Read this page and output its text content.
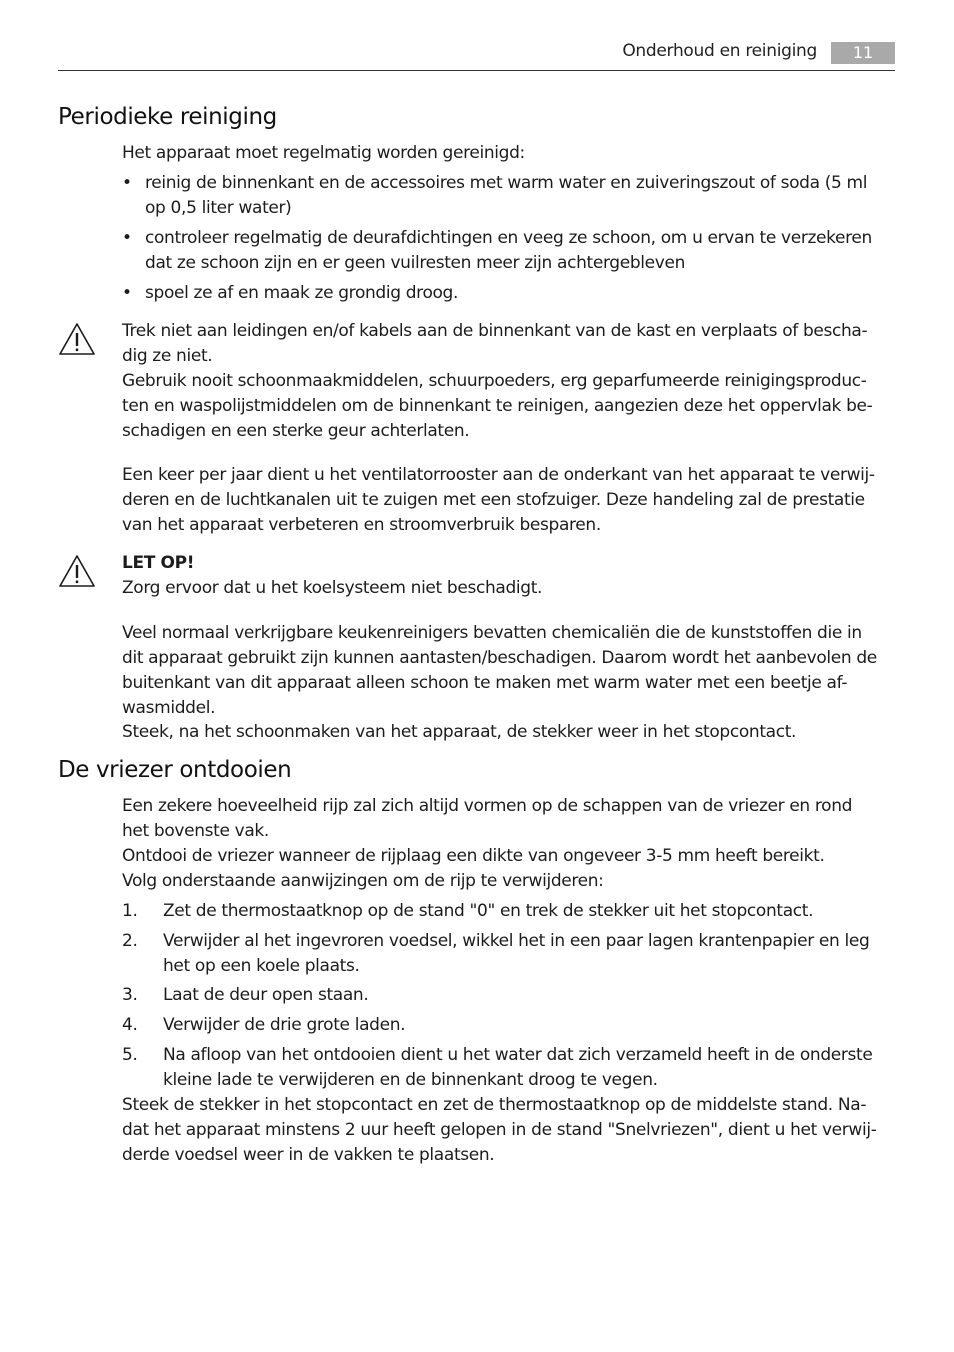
Onderhoud en reiniging	11
Periodieke reiniging

Het apparaat moet regelmatig worden gereinigd:

• reinig de binnenkant en de accessoires met warm water en zuiveringszout of soda (5 ml

op 0,5 liter water)

• controleer regelmatig de deurafdichtingen en veeg ze schoon, om u ervan te verzekeren

dat ze schoon zijn en er geen vuilresten meer zijn achtergebleven

• spoel ze af en maak ze grondig droog.

Trek niet aan leidingen en/of kabels aan de binnenkant van de kast en verplaats of bescha-

dig ze niet.

Gebruik nooit schoonmaakmiddelen, schuurpoeders, erg geparfumeerde reinigingsproduc-

ten en waspolijstmiddelen om de binnenkant te reinigen, aangezien deze het oppervlak be-

schadigen en een sterke geur achterlaten.

Een keer per jaar dient u het ventilatorrooster aan de onderkant van het apparaat te verwij-

deren en de luchtkanalen uit te zuigen met een stofzuiger. Deze handeling zal de prestatie

van het apparaat verbeteren en stroomverbruik besparen.

LET OP!

Zorg ervoor dat u het koelsysteem niet beschadigt.

Veel normaal verkrijgbare keukenreinigers bevatten chemicaliën die de kunststoffen die in

dit apparaat gebruikt zijn kunnen aantasten/beschadigen. Daarom wordt het aanbevolen de

buitenkant van dit apparaat alleen schoon te maken met warm water met een beetje af-

wasmiddel.

Steek, na het schoonmaken van het apparaat, de stekker weer in het stopcontact.

De vriezer ontdooien

Een zekere hoeveelheid rijp zal zich altijd vormen op de schappen van de vriezer en rond

het bovenste vak.

Ontdooi de vriezer wanneer de rijplaag een dikte van ongeveer 3-5 mm heeft bereikt.

Volg onderstaande aanwijzingen om de rijp te verwijderen:

1. Zet de thermostaatknop op de stand "0" en trek de stekker uit het stopcontact.

2. Verwijder al het ingevroren voedsel, wikkel het in een paar lagen krantenpapier en leg

het op een koele plaats.

3. Laat de deur open staan.

4. Verwijder de drie grote laden.

5. Na afloop van het ontdooien dient u het water dat zich verzameld heeft in de onderste

kleine lade te verwijderen en de binnenkant droog te vegen.

Steek de stekker in het stopcontact en zet de thermostaatknop op de middelste stand. Na-

dat het apparaat minstens 2 uur heeft gelopen in de stand "Snelvriezen", dient u het verwij-

derde voedsel weer in de vakken te plaatsen.
